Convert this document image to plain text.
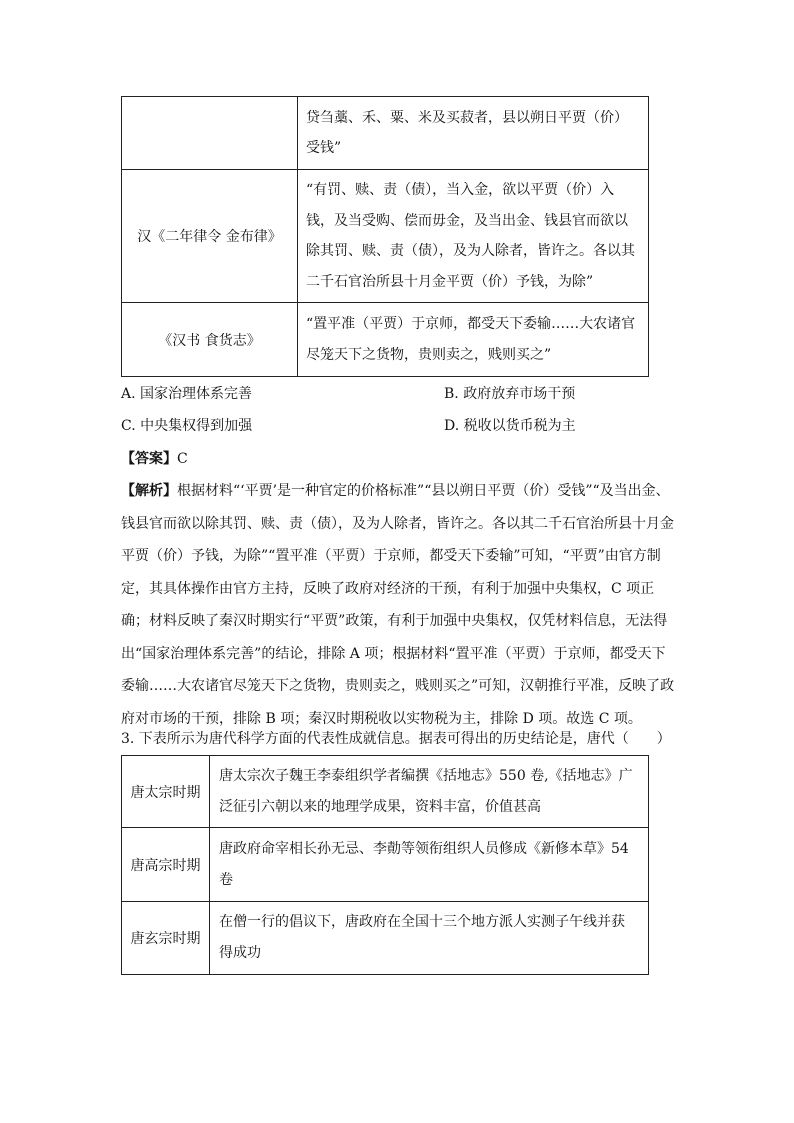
	贷刍藁、禾、粟、米及买菽者，县以朔日平贾（价）
受钱”

汉《二年律令 金布律》	“有罚、赎、责（债），当入金，欲以平贾（价）入
钱，及当受购、偿而毋金，及当出金、钱县官而欲以
除其罚、赎、责（债），及为人除者，皆许之。各以其
二千石官治所县十月金平贾（价）予钱，为除”

《汉书 食货志》	“置平准（平贾）于京师，都受天下委输……大农诸官
尽笼天下之货物，贵则卖之，贱则买之”
A. 国家治理体系完善	B. 政府放弃市场干预
C. 中央集权得到加强	D. 税收以货币税为主
【答案】C
【解析】根据材料“‘平贾’是一种官定的价格标准”“县以朔日平贾（价）受钱”“及当出金、
钱县官而欲以除其罚、赎、责（债），及为人除者，皆许之。各以其二千石官治所县十月金
平贾（价）予钱，为除”“置平准（平贾）于京师，都受天下委输”可知，“平贾”由官方制
定，其具体操作由官方主持，反映了政府对经济的干预，有利于加强中央集权，C 项正
确；材料反映了秦汉时期实行“平贾”政策，有利于加强中央集权，仅凭材料信息，无法得
出“国家治理体系完善”的结论，排除 A 项；根据材料“置平准（平贾）于京师，都受天下
委输……大农诸官尽笼天下之货物，贵则卖之，贱则买之”可知，汉朝推行平准，反映了政
府对市场的干预，排除 B 项；秦汉时期税收以实物税为主，排除 D 项。故选 C 项。
3. 下表所示为唐代科学方面的代表性成就信息。据表可得出的历史结论是，唐代（　　）
唐太宗时期	唐太宗次子魏王李泰组织学者编撰《括地志》550 卷,《括地志》广
泛征引六朝以来的地理学成果，资料丰富，价值甚高

唐高宗时期	唐政府命宰相长孙无忌、李勣等领衔组织人员修成《新修本草》54
卷

唐玄宗时期	在僧一行的倡议下，唐政府在全国十三个地方派人实测子午线并获
得成功
